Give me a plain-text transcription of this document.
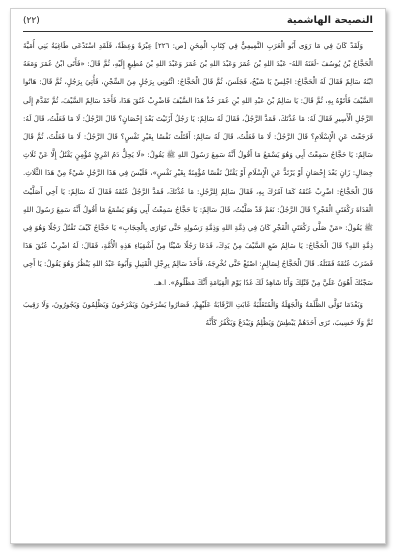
النصيحة الهاشمية
(٢٢)

وَلَقَدْ كَانَ فِي مَا رَوَى أَبُو الْعَرَبِ التَّمِيمِيُّ فِي كِتَابِ الْمِحَنِ [ص: ٢٢٦] عِبْرَةٌ وَعِظَةٌ، فَلَقَدِ اسْتَدْعَى طَاغِيَةُ بَنِي أُمَيَّةَ الْحَجَّاجُ بْنُ يُوسُفَ -لَعَنَهُ اللهُ- عَبْدَ اللهِ بْنَ عُمَرَ وَعَبْدَ اللهِ بْنَ عُمَرَ وَعَبْدَ اللهِ بْنَ مُطِيعٍ إِلَيْهِ، ثُمَّ قَالَ: «فَأَتَى ابْنُ عُمَرَ وَمَعَهُ ابْنُهُ سَالِمٌ فَقَالَ لَهُ الْحَجَّاجُ: اجْلِسْ يَا شَيْخُ، فَجَلَسَ، ثُمَّ قَالَ الْحَجَّاجُ: ائْتُونِي بِرَجُلٍ مِنَ السِّجْنِ، فَأُتِيَ بِرَجُلٍ، ثُمَّ قَالَ: هَاتُوا السَّيْفَ فَأَتَوْهُ بِهِ، ثُمَّ قَالَ: يَا سَالِمُ بْنَ عَبْدِ اللهِ بْنِ عُمَرَ خُذْ هَذَا السَّيْفَ فَاضْرِبْ عُنُقَ هَذَا، فَأَخَذَ سَالِمٌ السَّيْفَ، ثُمَّ تَقَدَّمَ إِلَى الرَّجُلِ الْأَسِيرِ فَقَالَ لَهُ: مَا عُذْتَكَ، فَمَدَّ الرَّجُلُ، فَقَالَ لَهُ سَالِمٌ: يَا رَجُلُ أَزَنَيْتَ بَعْدَ إِحْصَانٍ؟ قَالَ الرَّجُلُ: لَا مَا فَعَلْتُ، قَالَ لَهُ: فَرَجَعْتَ عَنِ الْإِسْلَامِ؟ قَالَ الرَّجُلُ: لَا مَا فَعَلْتُ، قَالَ لَهُ سَالِمٌ: أَقَتَلْتَ نَفْسًا بِغَيْرِ نَفْسٍ؟ قَالَ الرَّجُلُ: لَا مَا فَعَلْتُ، ثُمَّ قَالَ سَالِمٌ: يَا حَجَّاجُ سَمِعْتُ أَبِي وَهُوَ يَسْمَعُ مَا أَقُولُ أَنَّهُ سَمِعَ رَسُولَ اللهِ ﷺ يَقُولُ: «لَا يَحِلُّ دَمُ امْرِئٍ مُؤْمِنٍ يَقْتُلُ إِلَّا عَنْ ثَلَاثِ خِصَالٍ: زَانٍ بَعْدَ إِحْصَانٍ أَوْ يَرْتَدُّ عَنِ الْإِسْلَامِ أَوْ يَقْتُلُ نَفْسًا مُؤْمِنَةً بِغَيْرِ نَفْسٍ»، فَلَيْسَ فِي هَذَا الرَّجُلِ شَيْءٌ مِنْ هَذَا الثَّلَاثِ. قَالَ الْحَجَّاجُ: اضْرِبْ عُنُقَهُ كَمَا آمُرُكَ بِهِ، فَقَالَ سَالِمٌ لِلرَّجُلِ: مَا عُذْتَكَ، فَمَدَّ الرَّجُلُ عُنُقَهُ فَقَالَ لَهُ سَالِمٌ: يَا أَخِي أَصَلَّيْتَ الْغَدَاةَ رَكْعَتَيِ الْفَجْرِ؟ قَالَ الرَّجُلُ: نَعَمْ قَدْ صَلَّيْتُ، قَالَ سَالِمٌ: يَا حَجَّاجُ سَمِعْتُ أَبِي وَهُوَ يَسْمَعُ مَا أَقُولُ أَنَّهُ سَمِعَ رَسُولَ اللهِ ﷺ يَقُولُ: «مَنْ صَلَّى رَكْعَتَيِ الْفَجْرِ كَانَ فِي ذِمَّةِ اللهِ وَذِمَّةِ رَسُولِهِ حَتَّى تَوَارَى بِالْحِجَابِ» يَا حَجَّاجُ كَيْفَ تَقْتُلُ رَجُلًا وَهُوَ فِي ذِمَّةِ اللهِ؟ قَالَ الْحَجَّاجُ: يَا سَالِمُ ضَعِ السَّيْفَ مِنْ يَدِكَ، فَدَعَا رَجُلًا شَيْئًا مِنْ أَشْقِيَاءِ هَذِهِ الْأُمَّةِ، فَقَالَ: لَهُ اضْرِبْ عُنُقَ هَذَا فَضَرَبَ عُنُقَهُ فَقَتَلَهُ. قَالَ الْحَجَّاجُ لِسَالِمٍ: اصْنَعْ حَتَّى نُخْرِجَهُ، فَأَخَذَ سَالِمٌ بِرِجْلِ الْقَتِيلِ وَأَبُوهُ عَبْدُ اللهِ يَنْظُرُ وَهُوَ يَقُولُ: يَا أَخِي سَجْنُكَ أَهْوَنُ عَلَيَّ مِنْ قَتْلِكَ وَأَنَا شَاهِدٌ لَكَ غَدًا يَوْمَ الْقِيَامَةِ أَنَّكَ مَظْلُومٌ». ا.هـ.

وَبَعْدَمَا تَوَلَّى الظَّلَمَةُ وَالْجَهَلَةُ وَالْمُتَغَلِّبَةُ غَابَتِ الرَّقَابَةُ عَلَيْهِمْ، فَصَارُوا يَسْرَحُونَ وَيَمْرَحُونَ وَيَظْلِمُونَ وَيَجُورُونَ، وَلَا رَقِيبَ ثَمَّ وَلَا حَسِيبَ، تَرَى أَحَدَهُمْ يَبْطِشُ وَيَظْلِمُ وَيَبْدَعُ وَيَكْفُرُ كَأَنَّهُ
